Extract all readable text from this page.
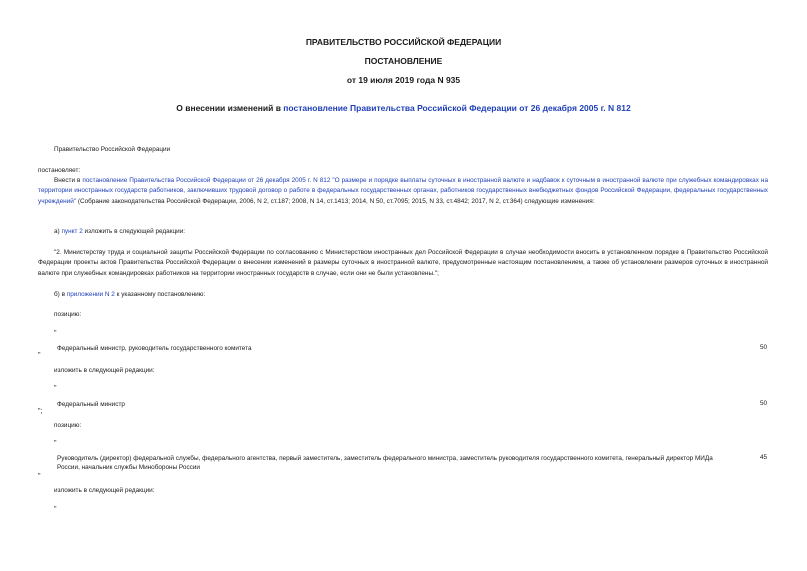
ПРАВИТЕЛЬСТВО РОССИЙСКОЙ ФЕДЕРАЦИИ
ПОСТАНОВЛЕНИЕ
от 19 июля 2019 года N 935
О внесении изменений в постановление Правительства Российской Федерации от 26 декабря 2005 г. N 812
Правительство Российской Федерации
постановляет:
Внести в постановление Правительства Российской Федерации от 26 декабря 2005 г. N 812 "О размере и порядке выплаты суточных в иностранной валюте и надбавок к суточным в иностранной валюте при служебных командировках на территории иностранных государств работников, заключивших трудовой договор о работе в федеральных государственных органах, работников государственных внебюджетных фондов Российской Федерации, федеральных государственных учреждений" (Собрание законодательства Российской Федерации, 2006, N 2, ст.187; 2008, N 14, ст.1413; 2014, N 50, ст.7095; 2015, N 33, ст.4842; 2017, N 2, ст.364) следующие изменения:
а) пункт 2 изложить в следующей редакции:
"2. Министерству труда и социальной защиты Российской Федерации по согласованию с Министерством иностранных дел Российской Федерации в случае необходимости вносить в установленном порядке в Правительство Российской Федерации проекты актов Правительства Российской Федерации о внесении изменений в размеры суточных в иностранной валюте, предусмотренные настоящим постановлением, а также об установлении размеров суточных в иностранной валюте при служебных командировках работников на территории иностранных государств в случае, если они не были установлены.";
б) в приложении N 2 к указанному постановлению:
позицию:
"
Федеральный министр, руководитель государственного комитета	50
"
изложить в следующей редакции:
"
Федеральный министр	50
";
позицию:
"
Руководитель (директор) федеральной службы, федерального агентства, первый заместитель, заместитель федерального министра, заместитель руководителя государственного комитета, генеральный директор МИДа
России, начальник службы Минобороны России
45
"
изложить в следующей редакции:
"
